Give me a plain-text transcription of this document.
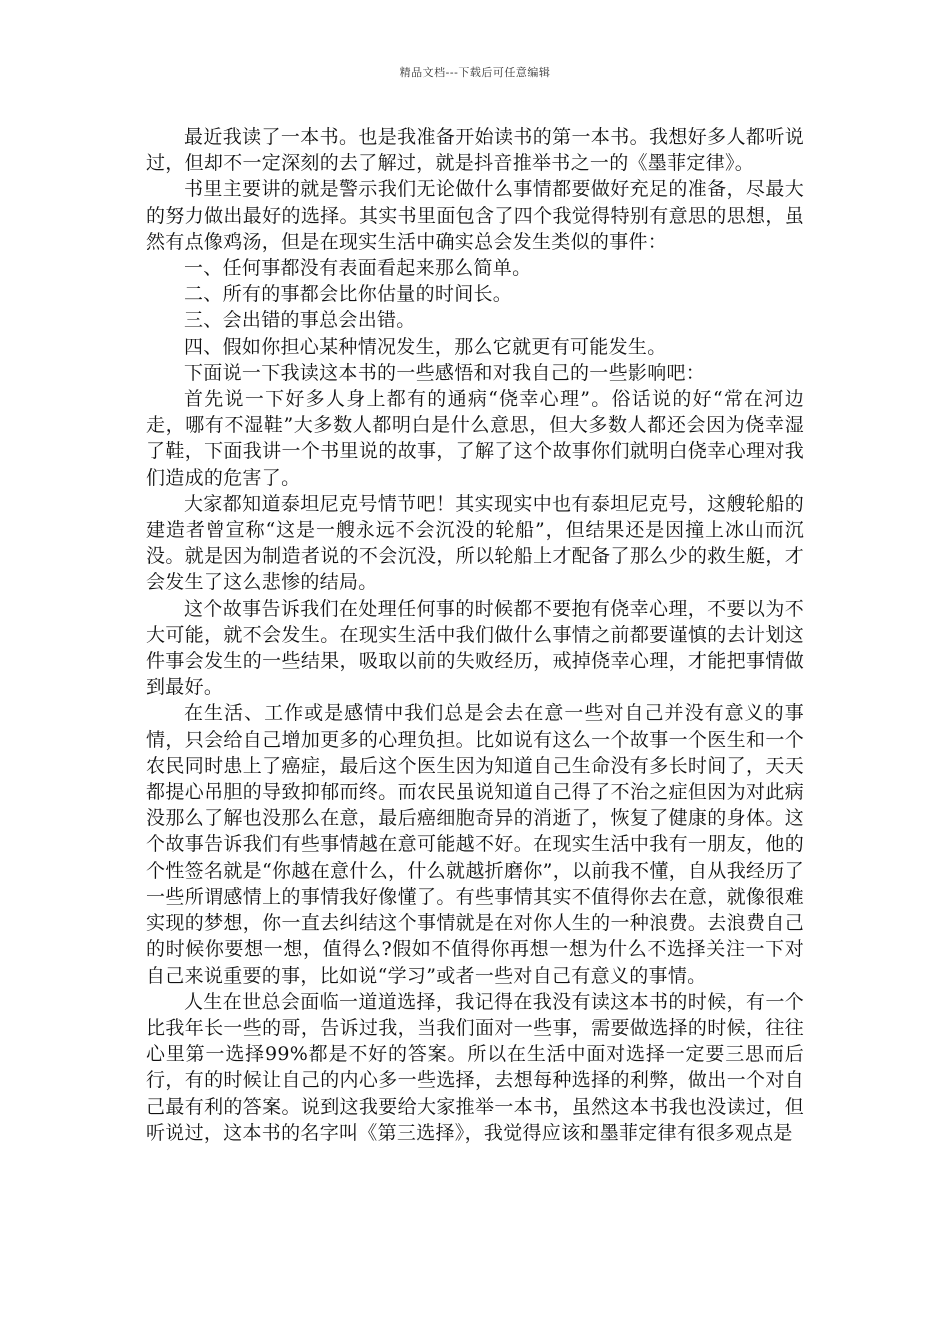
精品文档---下载后可任意编辑

最近我读了一本书。也是我准备开始读书的第一本书。我想好多人都听说过，但却不一定深刻的去了解过，就是抖音推举书之一的《墨菲定律》。

书里主要讲的就是警示我们无论做什么事情都要做好充足的准备，尽最大的努力做出最好的选择。其实书里面包含了四个我觉得特别有意思的思想，虽然有点像鸡汤，但是在现实生活中确实总会发生类似的事件：

一、任何事都没有表面看起来那么简单。

二、所有的事都会比你估量的时间长。

三、会出错的事总会出错。

四、假如你担心某种情况发生，那么它就更有可能发生。

下面说一下我读这本书的一些感悟和对我自己的一些影响吧：

首先说一下好多人身上都有的通病“侥幸心理”。俗话说的好“常在河边走，哪有不湿鞋”大多数人都明白是什么意思，但大多数人都还会因为侥幸湿了鞋，下面我讲一个书里说的故事，了解了这个故事你们就明白侥幸心理对我们造成的危害了。

大家都知道泰坦尼克号情节吧！其实现实中也有泰坦尼克号，这艘轮船的建造者曾宣称“这是一艘永远不会沉没的轮船”，但结果还是因撞上冰山而沉没。就是因为制造者说的不会沉没，所以轮船上才配备了那么少的救生艇，才会发生了这么悲惨的结局。

这个故事告诉我们在处理任何事的时候都不要抱有侥幸心理，不要以为不大可能，就不会发生。在现实生活中我们做什么事情之前都要谨慎的去计划这件事会发生的一些结果，吸取以前的失败经历，戒掉侥幸心理，才能把事情做到最好。

在生活、工作或是感情中我们总是会去在意一些对自己并没有意义的事情，只会给自己增加更多的心理负担。比如说有这么一个故事一个医生和一个农民同时患上了癌症，最后这个医生因为知道自己生命没有多长时间了，天天都提心吊胆的导致抑郁而终。而农民虽说知道自己得了不治之症但因为对此病没那么了解也没那么在意，最后癌细胞奇异的消逝了，恢复了健康的身体。这个故事告诉我们有些事情越在意可能越不好。在现实生活中我有一朋友，他的个性签名就是“你越在意什么，什么就越折磨你”，以前我不懂，自从我经历了一些所谓感情上的事情我好像懂了。有些事情其实不值得你去在意，就像很难实现的梦想，你一直去纠结这个事情就是在对你人生的一种浪费。去浪费自己的时候你要想一想，值得么?假如不值得你再想一想为什么不选择关注一下对自己来说重要的事，比如说“学习”或者一些对自己有意义的事情。

人生在世总会面临一道道选择，我记得在我没有读这本书的时候，有一个比我年长一些的哥，告诉过我，当我们面对一些事，需要做选择的时候，往往心里第一选择99%都是不好的答案。所以在生活中面对选择一定要三思而后行，有的时候让自己的内心多一些选择，去想每种选择的利弊，做出一个对自己最有利的答案。说到这我要给大家推举一本书，虽然这本书我也没读过，但听说过，这本书的名字叫《第三选择》，我觉得应该和墨菲定律有很多观点是
